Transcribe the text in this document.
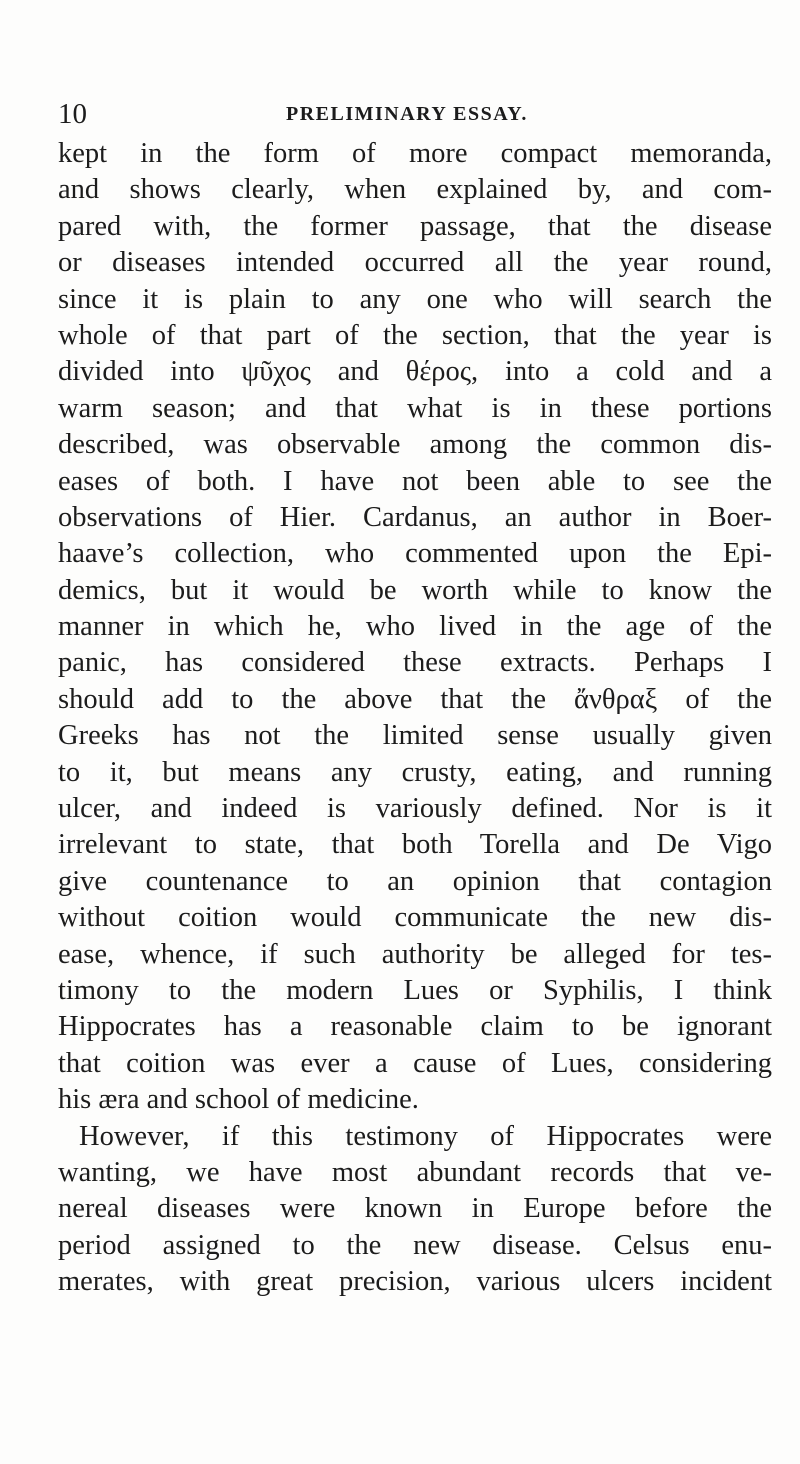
10	PRELIMINARY ESSAY.
kept in the form of more compact memoranda,
and shows clearly, when explained by, and com-
pared with, the former passage, that the disease
or diseases intended occurred all the year round,
since it is plain to any one who will search the
whole of that part of the section, that the year is
divided into ψῦχος and θέρος, into a cold and a
warm season; and that what is in these portions
described, was observable among the common dis-
eases of both. I have not been able to see the
observations of Hier. Cardanus, an author in Boer-
haave’s collection, who commented upon the Epi-
demics, but it would be worth while to know the
manner in which he, who lived in the age of the
panic, has considered these extracts. Perhaps I
should add to the above that the ἄνθραξ of the
Greeks has not the limited sense usually given
to it, but means any crusty, eating, and running
ulcer, and indeed is variously defined. Nor is it
irrelevant to state, that both Torella and De Vigo
give countenance to an opinion that contagion
without coition would communicate the new dis-
ease, whence, if such authority be alleged for tes-
timony to the modern Lues or Syphilis, I think
Hippocrates has a reasonable claim to be ignorant
that coition was ever a cause of Lues, considering
his æra and school of medicine.
However, if this testimony of Hippocrates were
wanting, we have most abundant records that ve-
nereal diseases were known in Europe before the
period assigned to the new disease. Celsus enu-
merates, with great precision, various ulcers incident
